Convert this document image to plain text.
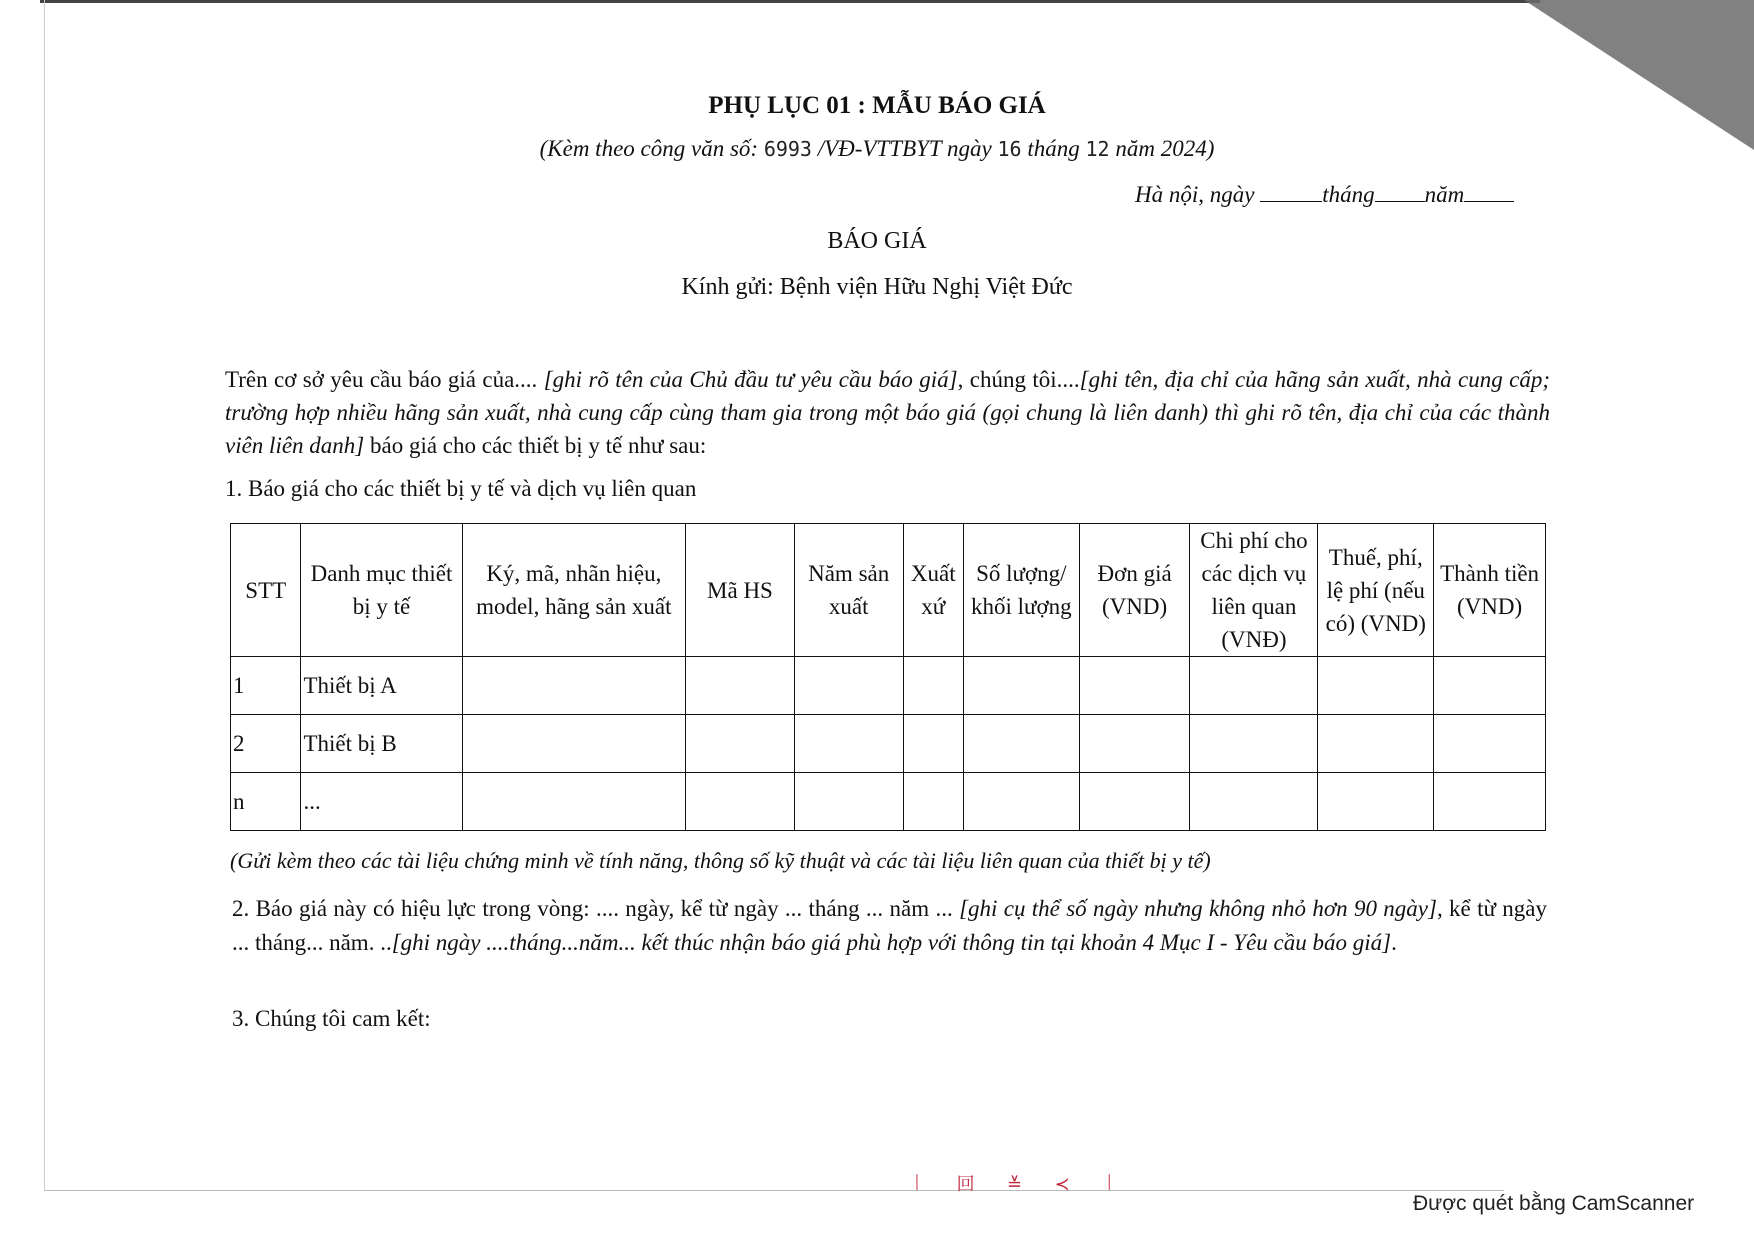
PHỤ LỤC 01 : MẪU BÁO GIÁ
(Kèm theo công văn số: 6993 /VĐ-VTTBYT ngày 16 tháng 12 năm 2024)
Hà nội, ngày	tháng năm
BÁO GIÁ
Kính gửi: Bệnh viện Hữu Nghị Việt Đức
Trên cơ sở yêu cầu báo giá của.... [ghi rõ tên của Chủ đầu tư yêu cầu báo giá], chúng tôi....[ghi tên, địa chỉ của hãng sản xuất, nhà cung cấp; trường hợp nhiều hãng sản xuất, nhà cung cấp cùng tham gia trong một báo giá (gọi chung là liên danh) thì ghi rõ tên, địa chỉ của các thành viên liên danh] báo giá cho các thiết bị y tế như sau:
1. Báo giá cho các thiết bị y tế và dịch vụ liên quan
STT	Danh mục thiết bị y tế	Ký, mã, nhãn hiệu, model, hãng sản xuất	Mã HS	Năm sản xuất	Xuất xứ	Số lượng/ khối lượng	Đơn giá (VND)	Chi phí cho các dịch vụ liên quan (VNĐ)	Thuế, phí, lệ phí (nếu có) (VND)	Thành tiền (VND)
1	Thiết bị A									
2	Thiết bị B									
n	...									
(Gửi kèm theo các tài liệu chứng minh về tính năng, thông số kỹ thuật và các tài liệu liên quan của thiết bị y tế)
2. Báo giá này có hiệu lực trong vòng: .... ngày, kể từ ngày ... tháng ... năm ... [ghi cụ thể số ngày nhưng không nhỏ hơn 90 ngày], kể từ ngày ... tháng... năm. ..[ghi ngày ....tháng...năm... kết thúc nhận báo giá phù hợp với thông tin tại khoản 4 Mục I - Yêu cầu báo giá].
3. Chúng tôi cam kết:
꒐ 回 ≚ ≺ ꒐
Được quét bằng CamScanner
